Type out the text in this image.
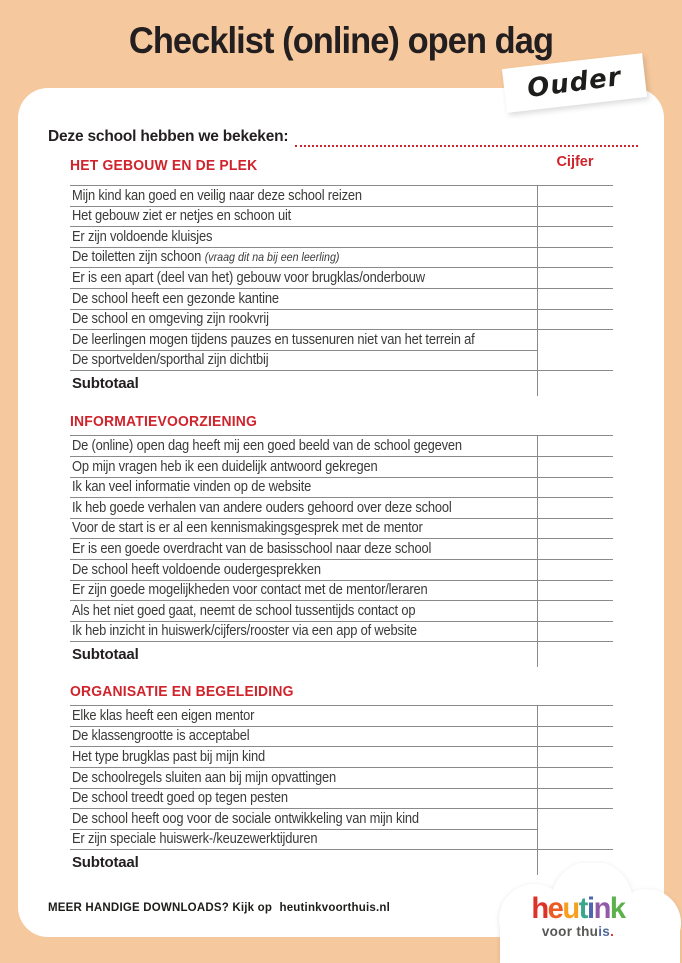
Checklist (online) open dag
Ouder
Deze school hebben we bekeken:
HET GEBOUW EN DE PLEK	Cijfer
Mijn kind kan goed en veilig naar deze school reizen
Het gebouw ziet er netjes en schoon uit
Er zijn voldoende kluisjes
De toiletten zijn schoon (vraag dit na bij een leerling)
Er is een apart (deel van het) gebouw voor brugklas/onderbouw
De school heeft een gezonde kantine
De school en omgeving zijn rookvrij
De leerlingen mogen tijdens pauzes en tussenuren niet van het terrein af
De sportvelden/sporthal zijn dichtbij
Subtotaal
INFORMATIEVOORZIENING
De (online) open dag heeft mij een goed beeld van de school gegeven
Op mijn vragen heb ik een duidelijk antwoord gekregen
Ik kan veel informatie vinden op de website
Ik heb goede verhalen van andere ouders gehoord over deze school
Voor de start is er al een kennismakingsgesprek met de mentor
Er is een goede overdracht van de basisschool naar deze school
De school heeft voldoende oudergesprekken
Er zijn goede mogelijkheden voor contact met de mentor/leraren
Als het niet goed gaat, neemt de school tussentijds contact op
Ik heb inzicht in huiswerk/cijfers/rooster via een app of website
Subtotaal
ORGANISATIE EN BEGELEIDING
Elke klas heeft een eigen mentor
De klassengrootte is acceptabel
Het type brugklas past bij mijn kind
De schoolregels sluiten aan bij mijn opvattingen
De school treedt goed op tegen pesten
De school heeft oog voor de sociale ontwikkeling van mijn kind
Er zijn speciale huiswerk-/keuzewerktijduren
Subtotaal
MEER HANDIGE DOWNLOADS? Kijk op heutinkvoorthuis.nl	heutink
voor thuis.
